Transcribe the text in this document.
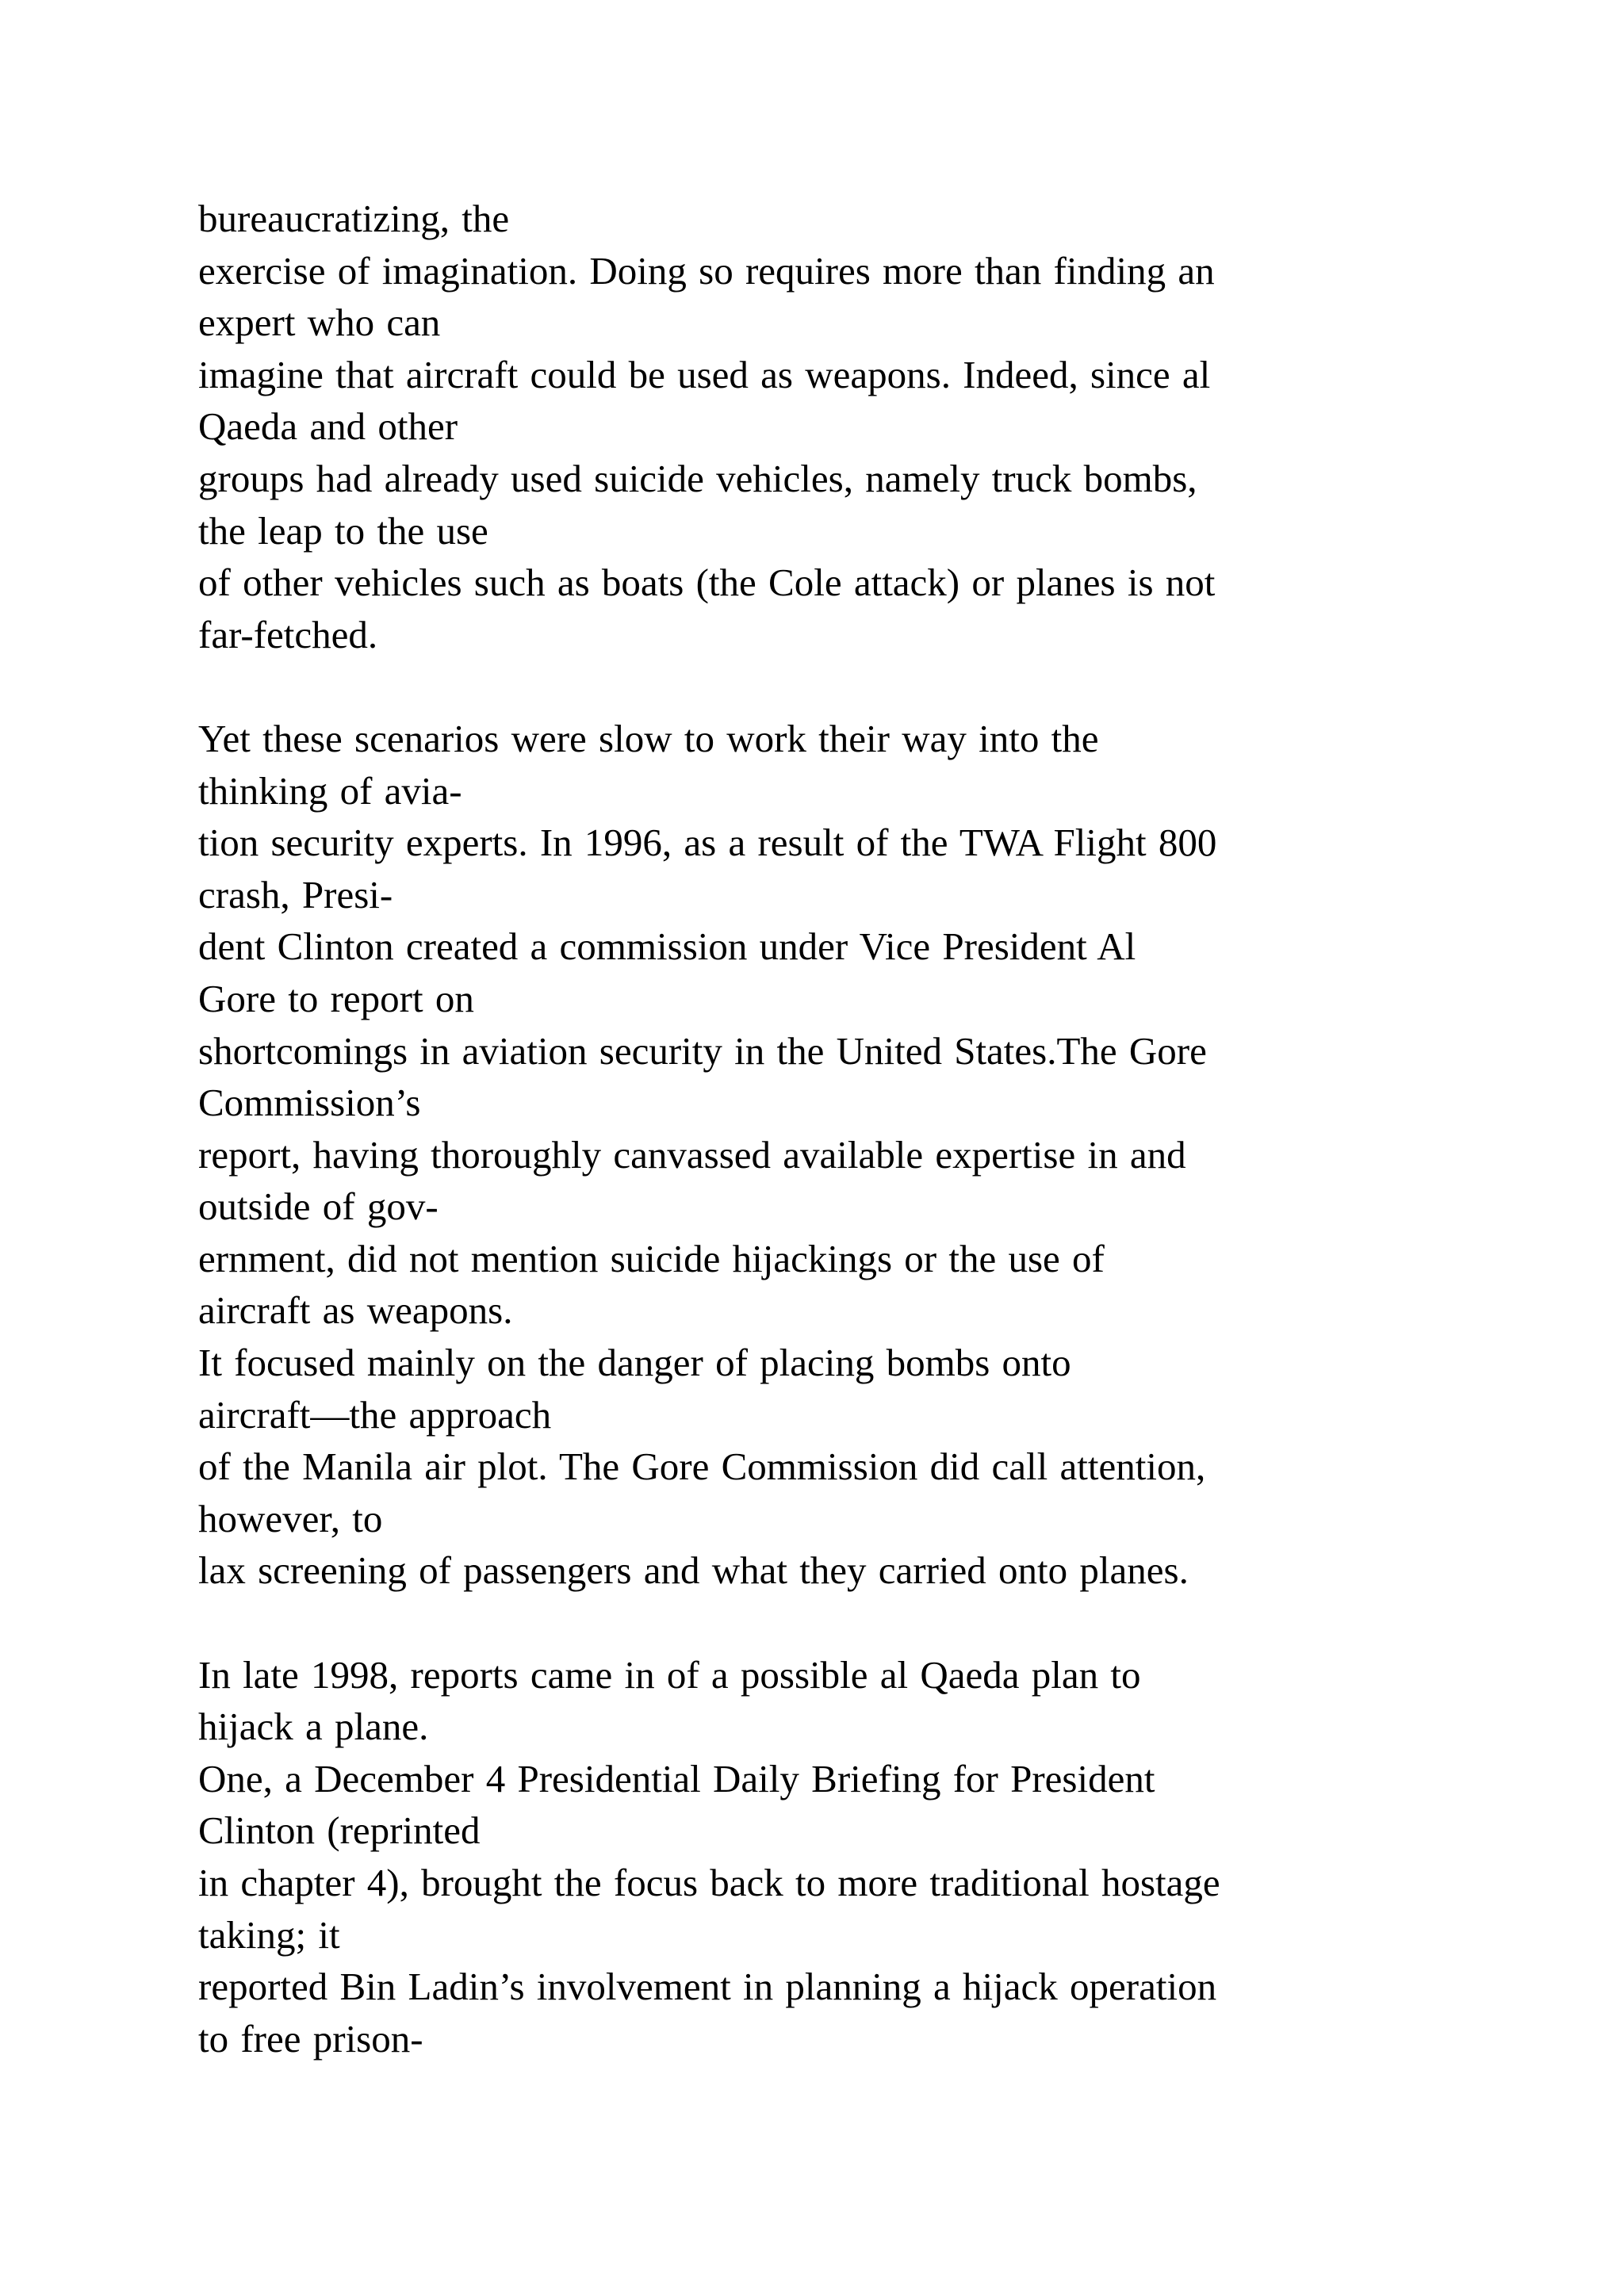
bureaucratizing, the
exercise of imagination. Doing so requires more than finding an
expert who can
imagine that aircraft could be used as weapons. Indeed, since al
Qaeda and other
groups had already used suicide vehicles, namely truck bombs,
the leap to the use
of other vehicles such as boats (the Cole attack) or planes is not
far-fetched.
Yet these scenarios were slow to work their way into the
thinking of avia-
tion security experts. In 1996, as a result of the TWA Flight 800
crash, Presi-
dent Clinton created a commission under Vice President Al
Gore to report on
shortcomings in aviation security in the United States.The Gore
Commission’s
report, having thoroughly canvassed available expertise in and
outside of gov-
ernment, did not mention suicide hijackings or the use of
aircraft as weapons.
It focused mainly on the danger of placing bombs onto
aircraft—the approach
of the Manila air plot. The Gore Commission did call attention,
however, to
lax screening of passengers and what they carried onto planes.
In late 1998, reports came in of a possible al Qaeda plan to
hijack a plane.
One, a December 4 Presidential Daily Briefing for President
Clinton (reprinted
in chapter 4), brought the focus back to more traditional hostage
taking; it
reported Bin Ladin’s involvement in planning a hijack operation
to free prison-
